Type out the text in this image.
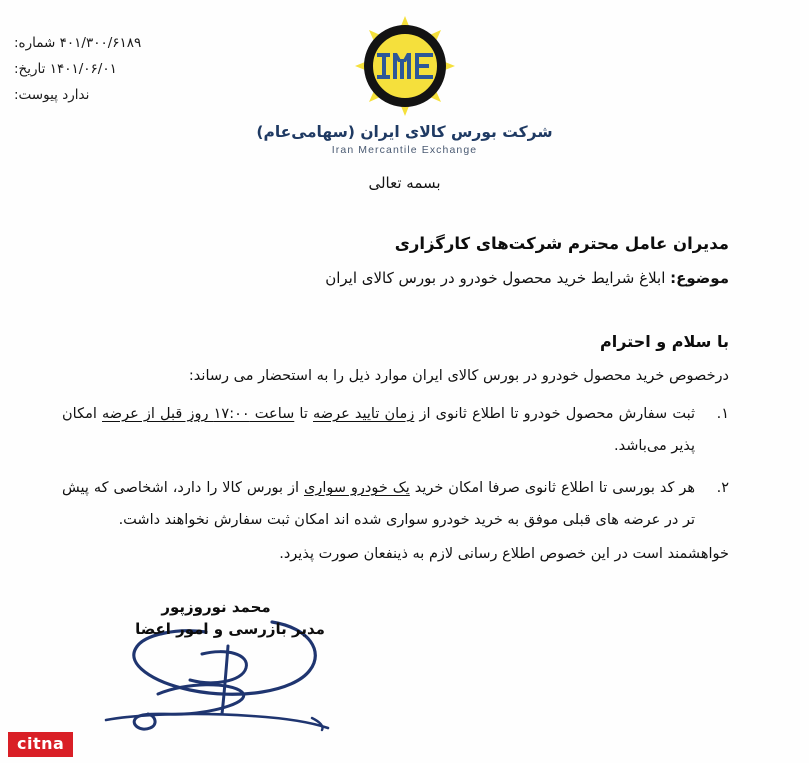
۴۰۱/۳۰۰/۶۱۸۹ شماره:
۱۴۰۱/۰۶/۰۱ تاریخ:
ندارد پیوست:
شرکت بورس کالای ایران (سهامی‌عام)
Iran Mercantile Exchange
بسمه تعالی
مدیران عامل محترم شرکت‌های کارگزاری
موضوع: ابلاغ شرایط خرید محصول خودرو در بورس کالای ایران
با سلام و احترام
درخصوص خرید محصول خودرو در بورس کالای ایران موارد ذیل را به استحضار می رساند:
۱.
ثبت سفارش محصول خودرو تا اطلاع ثانوی از زمان تایید عرضه تا ساعت ۱۷:۰۰ روز قبل از عرضه امکان پذیر می‌باشد.
۲.
هر کد بورسی تا اطلاع ثانوی صرفا امکان خرید یک خودرو سواری از بورس کالا را دارد، اشخاصی که پیش تر در عرضه های قبلی موفق به خرید خودرو سواری شده اند امکان ثبت سفارش نخواهند داشت.
خواهشمند است در این خصوص اطلاع رسانی لازم به ذینفعان صورت پذیرد.
محمد نوروزپور
مدیر بازرسی و امور اعضا
citna
